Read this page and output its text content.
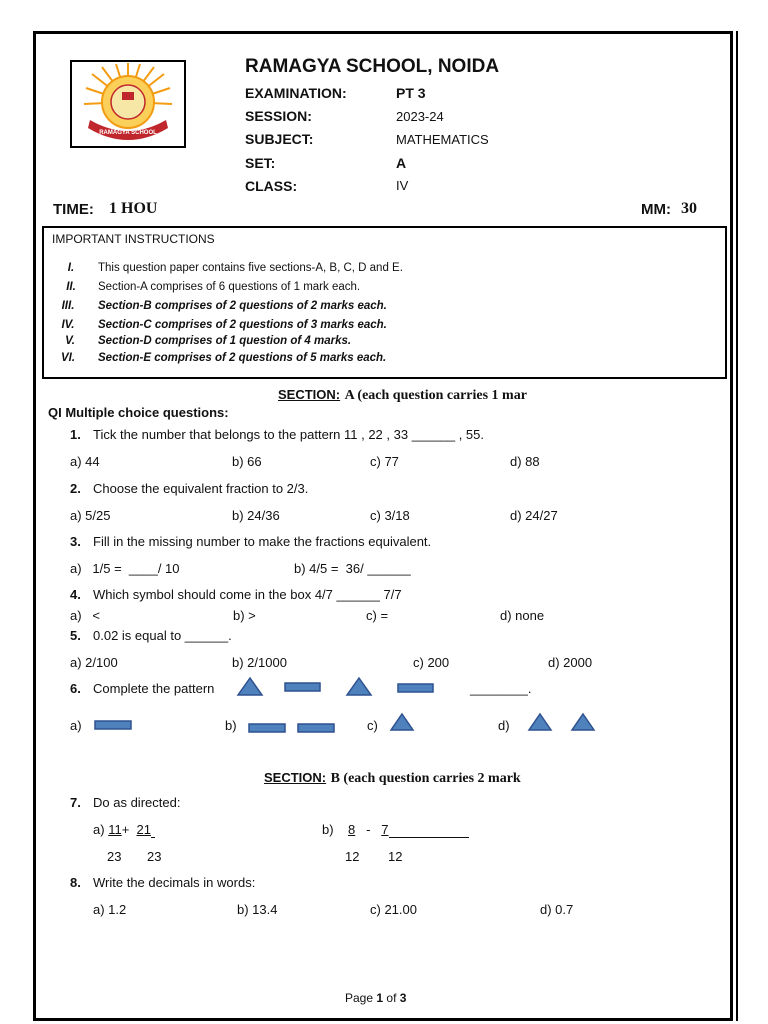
RAMAGYA SCHOOL
RAMAGYA SCHOOL, NOIDA
EXAMINATION:	PT 3
SESSION:	2023-24
SUBJECT:	MATHEMATICS
SET:	A
CLASS:	IV
TIME: 1 HOU	MM: 30
IMPORTANT INSTRUCTIONS
I.	This question paper contains five sections-A, B, C, D and E.
II.	Section-A comprises of 6 questions of 1 mark each.
III.	Section-B comprises of 2 questions of 2 marks each.
IV.	Section-C comprises of 2 questions of 3 marks each.
V.	Section-D comprises of 1 question of 4 marks.
VI.	Section-E comprises of 2 questions of 5 marks each.
SECTION: A (each question carries 1 mar
QI Multiple choice questions:
1. Tick the number that belongs to the pattern 11 , 22 , 33 ______ , 55.
a) 44	b) 66	c) 77	d) 88
2. Choose the equivalent fraction to 2/3.
a) 5/25	b) 24/36	c) 3/18	d) 24/27
3. Fill in the missing number to make the fractions equivalent.
a)   1/5 =  ____/ 10	b) 4/5 =  36/ ______
4. Which symbol should come in the box 4/7 ______ 7/7
a)   <	b) >	c) =	d) none
5. 0.02 is equal to ______.
a) 2/100	b) 2/1000	c) 200	d) 2000
6. Complete the pattern	________.
a)	b)	c)	d)
SECTION: B (each question carries 2 mark
7. Do as directed:
a) 11+ 21
23 23
b) 8 - 7
12 12
8. Write the decimals in words:
a) 1.2	b) 13.4	c) 21.00	d) 0.7
Page 1 of 3
